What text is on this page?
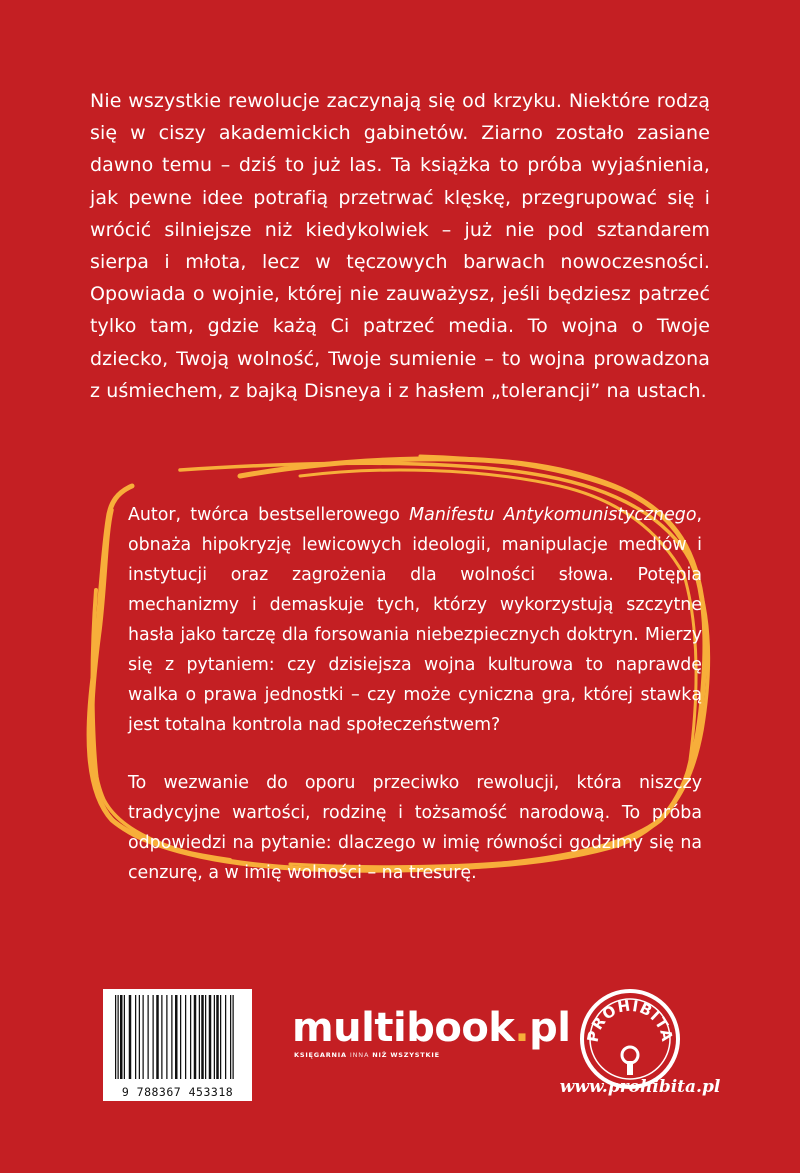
Nie wszystkie rewolucje zaczynają się od krzyku. Niektóre rodzą się w ciszy akademickich gabinetów. Ziarno zostało zasiane dawno temu – dziś to już las. Ta książka to próba wyjaśnienia, jak pewne idee potrafią przetrwać klęskę, przegrupować się i wrócić silniejsze niż kiedykolwiek – już nie pod sztandarem sierpa i młota, lecz w tęczowych barwach nowoczesności. Opowiada o wojnie, której nie zauważysz, jeśli będziesz patrzeć tylko tam, gdzie każą Ci patrzeć media. To wojna o Twoje dziecko, Twoją wolność, Twoje sumienie – to wojna prowadzona z uśmiechem, z bajką Disneya i z hasłem „tolerancji” na ustach.

Autor, twórca bestsellerowego Manifestu Antykomunistycznego, obnaża hipokryzję lewicowych ideologii, manipulacje mediów i instytucji oraz zagrożenia dla wolności słowa. Potępia mechanizmy i demaskuje tych, którzy wykorzystują szczytne hasła jako tarczę dla forsowania niebezpiecznych doktryn. Mierzy się z pytaniem: czy dzisiejsza wojna kulturowa to naprawdę walka o prawa jednostki – czy może cyniczna gra, której stawką jest totalna kontrola nad społeczeństwem?

To wezwanie do oporu przeciwko rewolucji, która niszczy tradycyjne wartości, rodzinę i tożsamość narodową. To próba odpowiedzi na pytanie: dlaczego w imię równości godzimy się na cenzurę, a w imię wolności – na tresurę.

9 788367 453318
multibook.pl
KSIĘGARNIA INNA NIŻ WSZYSTKIE
PROHIBITA
www.prohibita.pl
